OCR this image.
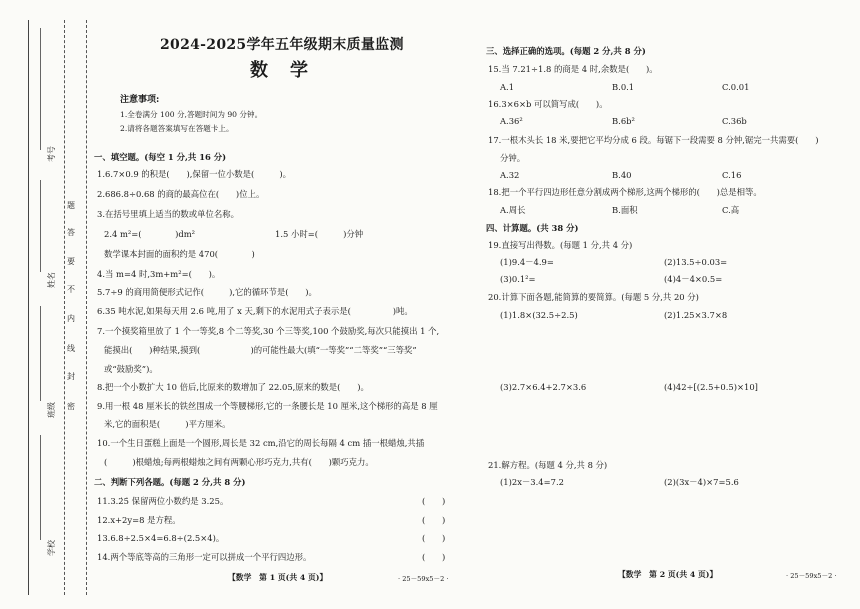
考号
姓名
班级
学校
题
答
要
不
内
线
封
密
2024-2025学年五年级期末质量监测
数　学
注意事项:
1.全卷满分 100 分,答题时间为 90 分钟。
2.请将各题答案填写在答题卡上。
一、填空题。(每空 1 分,共 16 分)
1.6.7×0.9 的积是(　　),保留一位小数是(　　　)。
2.686.8÷0.68 的商的最高位在(　　)位上。
3.在括号里填上适当的数或单位名称。
2.4 m²=(　　　　)dm²	1.5 小时=(　　　)分钟
数学课本封面的面积约是 470(　　　　)
4.当 m=4 时,3m+m²=(　　)。
5.7÷9 的商用简便形式记作(　　　),它的循环节是(　　)。
6.35 吨水泥,如果每天用 2.6 吨,用了 x 天,剩下的水泥用式子表示是(　　　　　)吨。
7.一个摸奖箱里放了 1 个一等奖,8 个二等奖,30 个三等奖,100 个鼓励奖,每次只能摸出 1 个,
能摸出(　　)种结果,摸到(　　　　　　)的可能性最大(填“一等奖”“二等奖”“三等奖”
或“鼓励奖”)。
8.把一个小数扩大 10 倍后,比原来的数增加了 22.05,原来的数是(　　)。
9.用一根 48 厘米长的铁丝围成一个等腰梯形,它的一条腰长是 10 厘米,这个梯形的高是 8 厘
米,它的面积是(　　　)平方厘米。
10.一个生日蛋糕上面是一个圆形,周长是 32 cm,沿它的周长每隔 4 cm 插一根蜡烛,共插
(　　　)根蜡烛;每两根蜡烛之间有两颗心形巧克力,共有(　　)颗巧克力。
二、判断下列各题。(每题 2 分,共 8 分)
11.3.2̇5̇ 保留两位小数约是 3.25。	(　　)
12.x+2y=8 是方程。	(　　)
13.6.8÷2.5×4=6.8÷(2.5×4)。	(　　)
14.两个等底等高的三角形一定可以拼成一个平行四边形。	(　　)
【数学　第 1 页(共 4 页)】	· 25－59x5－2 ·
三、选择正确的选项。(每题 2 分,共 8 分)
15.当 7.21÷1.8 的商是 4 时,余数是(　　)。
A.1	B.0.1	C.0.01
16.3×6×b 可以简写成(　　)。
A.36²	B.6b²	C.36b
17.一根木头长 18 米,要把它平均分成 6 段。每锯下一段需要 8 分钟,锯完一共需要(　　)
分钟。
A.32	B.40	C.16
18.把一个平行四边形任意分割成两个梯形,这两个梯形的(　　)总是相等。
A.周长	B.面积	C.高
四、计算题。(共 38 分)
19.直接写出得数。(每题 1 分,共 4 分)
(1)9.4－4.9=	(2)13.5÷0.03=
(3)0.1²=	(4)4－4×0.5=
20.计算下面各题,能简算的要简算。(每题 5 分,共 20 分)
(1)1.8×(32.5÷2.5)	(2)1.25×3.7×8
(3)2.7×6.4+2.7×3.6	(4)42÷[(2.5+0.5)×10]
21.解方程。(每题 4 分,共 8 分)
(1)2x－3.4=7.2	(2)(3x－4)×7=5.6
【数学　第 2 页(共 4 页)】	· 25－59x5－2 ·
